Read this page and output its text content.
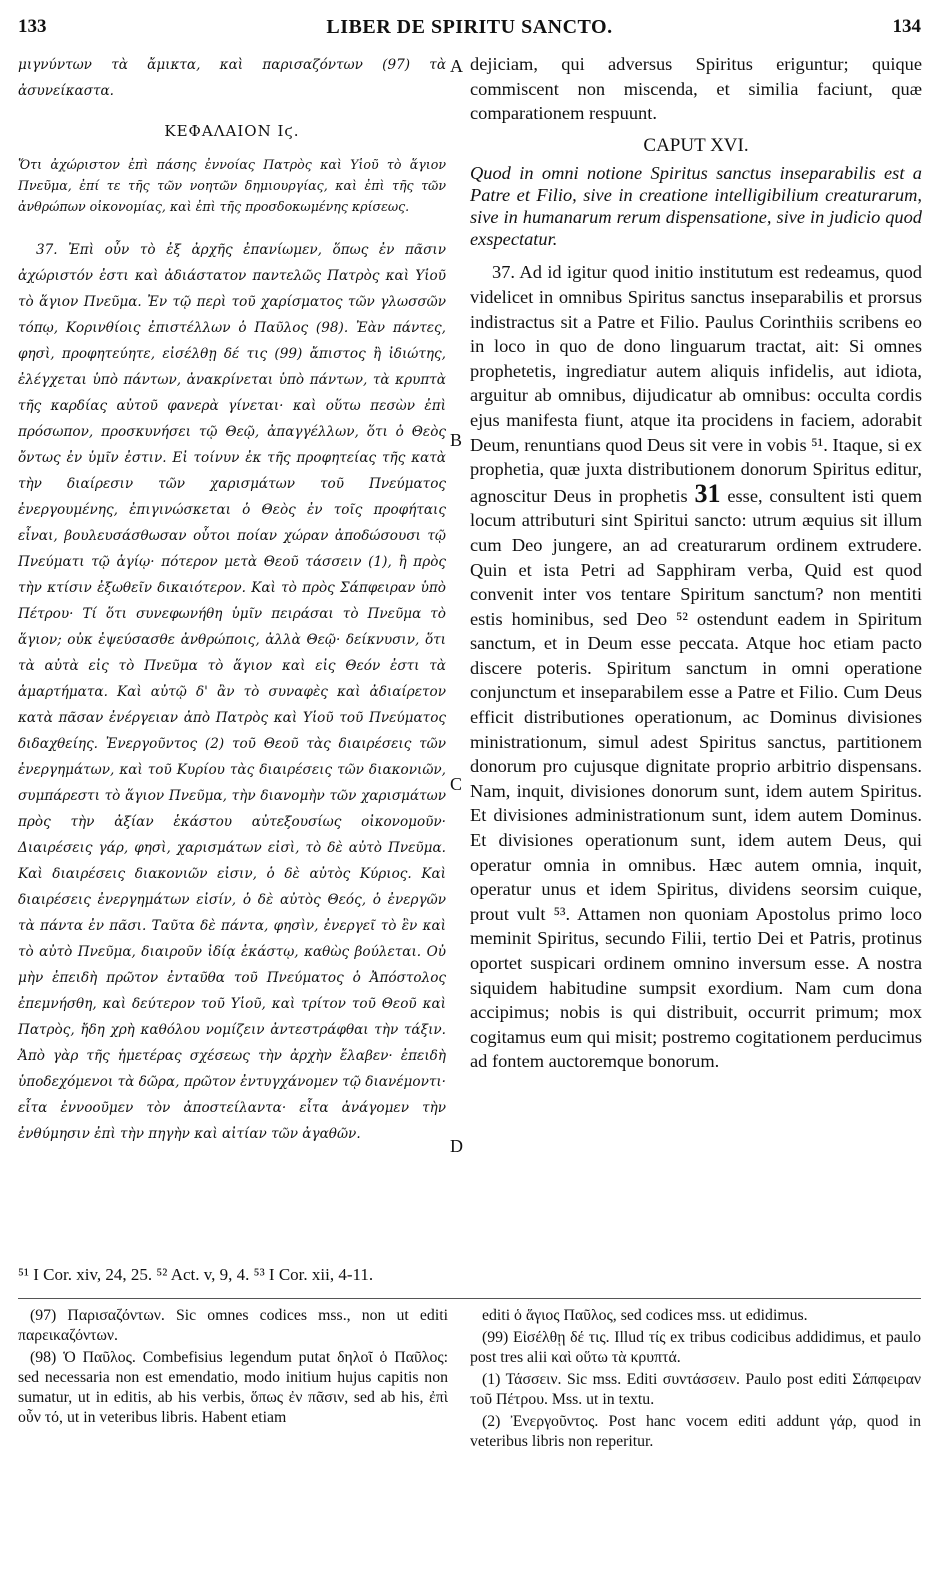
133	LIBER DE SPIRITU SANCTO.	134

μιγνύντων τὰ ἄμικτα, καὶ παρισαζόντων (97) τὰ ἀσυνείκαστα.

ΚΕΦΑΛΑΙΟΝ Ιϛ.

Ὅτι ἀχώριστον ἐπὶ πάσης ἐννοίας Πατρὸς καὶ Υἱοῦ τὸ ἅγιον Πνεῦμα, ἐπί τε τῆς τῶν νοητῶν δημιουργίας, καὶ ἐπὶ τῆς τῶν ἀνθρώπων οἰκονομίας, καὶ ἐπὶ τῆς προσδοκωμένης κρίσεως.

37. Ἐπὶ οὖν τὸ ἐξ ἀρχῆς ἐπανίωμεν, ὅπως ἐν πᾶσιν ἀχώριστόν ἐστι καὶ ἀδιάστατον παντελῶς Πατρὸς καὶ Υἱοῦ τὸ ἅγιον Πνεῦμα. Ἐν τῷ περὶ τοῦ χαρίσματος τῶν γλωσσῶν τόπῳ, Κορινθίοις ἐπιστέλλων ὁ Παῦλος (98). Ἐὰν πάντες, φησὶ, προφητεύητε, εἰσέλθῃ δέ τις (99) ἄπιστος ἢ ἰδιώτης, ἐλέγχεται ὑπὸ πάντων, ἀνακρίνεται ὑπὸ πάντων, τὰ κρυπτὰ τῆς καρδίας αὐτοῦ φανερὰ γίνεται· καὶ οὕτω πεσὼν ἐπὶ πρόσωπον, προσκυνήσει τῷ Θεῷ, ἀπαγγέλλων, ὅτι ὁ Θεὸς ὄντως ἐν ὑμῖν ἐστιν. Εἰ τοίνυν ἐκ τῆς προφητείας τῆς κατὰ τὴν διαίρεσιν τῶν χαρισμάτων τοῦ Πνεύματος ἐνεργουμένης, ἐπιγινώσκεται ὁ Θεὸς ἐν τοῖς προφήταις εἶναι, βουλευσάσθωσαν οὗτοι ποίαν χώραν ἀποδώσουσι τῷ Πνεύματι τῷ ἁγίῳ· πότερον μετὰ Θεοῦ τάσσειν (1), ἢ πρὸς τὴν κτίσιν ἐξωθεῖν δικαιότερον. Καὶ τὸ πρὸς Σάπφειραν ὑπὸ Πέτρου· Τί ὅτι συνεφωνήθη ὑμῖν πειράσαι τὸ Πνεῦμα τὸ ἅγιον; οὐκ ἐψεύσασθε ἀνθρώποις, ἀλλὰ Θεῷ· δείκνυσιν, ὅτι τὰ αὐτὰ εἰς τὸ Πνεῦμα τὸ ἅγιον καὶ εἰς Θεόν ἐστι τὰ ἁμαρτήματα. Καὶ αὐτῷ δ' ἂν τὸ συναφὲς καὶ ἀδιαίρετον κατὰ πᾶσαν ἐνέργειαν ἀπὸ Πατρὸς καὶ Υἱοῦ τοῦ Πνεύματος διδαχθείης. Ἐνεργοῦντος (2) τοῦ Θεοῦ τὰς διαιρέσεις τῶν ἐνεργημάτων, καὶ τοῦ Κυρίου τὰς διαιρέσεις τῶν διακονιῶν, συμπάρεστι τὸ ἅγιον Πνεῦμα, τὴν διανομὴν τῶν χαρισμάτων πρὸς τὴν ἀξίαν ἑκάστου αὐτεξουσίως οἰκονομοῦν· Διαιρέσεις γάρ, φησὶ, χαρισμάτων εἰσὶ, τὸ δὲ αὐτὸ Πνεῦμα. Καὶ διαιρέσεις διακονιῶν εἰσιν, ὁ δὲ αὐτὸς Κύριος. Καὶ διαιρέσεις ἐνεργημάτων εἰσίν, ὁ δὲ αὐτὸς Θεός, ὁ ἐνεργῶν τὰ πάντα ἐν πᾶσι. Ταῦτα δὲ πάντα, φησὶν, ἐνεργεῖ τὸ ἓν καὶ τὸ αὐτὸ Πνεῦμα, διαιροῦν ἰδίᾳ ἑκάστῳ, καθὼς βούλεται. Οὐ μὴν ἐπειδὴ πρῶτον ἐνταῦθα τοῦ Πνεύματος ὁ Ἀπόστολος ἐπεμνήσθη, καὶ δεύτερον τοῦ Υἱοῦ, καὶ τρίτον τοῦ Θεοῦ καὶ Πατρὸς, ἤδη χρὴ καθόλου νομίζειν ἀντεστράφθαι τὴν τάξιν. Ἀπὸ γὰρ τῆς ἡμετέρας σχέσεως τὴν ἀρχὴν ἔλαβεν· ἐπειδὴ ὑποδεχόμενοι τὰ δῶρα, πρῶτον ἐντυγχάνομεν τῷ διανέμοντι· εἶτα ἐννοοῦμεν τὸν ἀποστείλαντα· εἶτα ἀνάγομεν τὴν ἐνθύμησιν ἐπὶ τὴν πηγὴν καὶ αἰτίαν τῶν ἀγαθῶν.

dejiciam, qui adversus Spiritus eriguntur; quique commiscent non miscenda, et similia faciunt, quæ comparationem respuunt.

CAPUT XVI.

Quod in omni notione Spiritus sanctus inseparabilis est a Patre et Filio, sive in creatione intelligibilium creaturarum, sive in humanarum rerum dispensatione, sive in judicio quod exspectatur.

37. Ad id igitur quod initio institutum est redeamus, quod videlicet in omnibus Spiritus sanctus inseparabilis et prorsus indistractus sit a Patre et Filio. Paulus Corinthiis scribens eo in loco in quo de dono linguarum tractat, ait: Si omnes prophetetis, ingrediatur autem aliquis infidelis, aut idiota, arguitur ab omnibus, dijudicatur ab omnibus: occulta cordis ejus manifesta fiunt, atque ita procidens in faciem, adorabit Deum, renuntians quod Deus sit vere in vobis ⁵¹. Itaque, si ex prophetia, quæ juxta distributionem donorum Spiritus editur, agnoscitur Deus in prophetis 31 esse, consultent isti quem locum attributuri sint Spiritui sancto: utrum æquius sit illum cum Deo jungere, an ad creaturarum ordinem extrudere. Quin et ista Petri ad Sapphiram verba, Quid est quod convenit inter vos tentare Spiritum sanctum? non mentiti estis hominibus, sed Deo ⁵² ostendunt eadem in Spiritum sanctum, et in Deum esse peccata. Atque hoc etiam pacto discere poteris. Spiritum sanctum in omni operatione conjunctum et inseparabilem esse a Patre et Filio. Cum Deus efficit distributiones operationum, ac Dominus divisiones ministrationum, simul adest Spiritus sanctus, partitionem donorum pro cujusque dignitate proprio arbitrio dispensans. Nam, inquit, divisiones donorum sunt, idem autem Spiritus. Et divisiones administrationum sunt, idem autem Dominus. Et divisiones operationum sunt, idem autem Deus, qui operatur omnia in omnibus. Hæc autem omnia, inquit, operatur unus et idem Spiritus, dividens seorsim cuique, prout vult ⁵³. Attamen non quoniam Apostolus primo loco meminit Spiritus, secundo Filii, tertio Dei et Patris, protinus oportet suspicari ordinem omnino inversum esse. A nostra siquidem habitudine sumpsit exordium. Nam cum dona accipimus; nobis is qui distribuit, occurrit primum; mox cogitamus eum qui misit; postremo cogitationem perducimus ad fontem auctoremque bonorum.

A
B
C
D
⁵¹ I Cor. xiv, 24, 25. ⁵² Act. v, 9, 4. ⁵³ I Cor. xii, 4-11.

(97) Παρισαζόντων. Sic omnes codices mss., non ut editi παρεικαζόντων.

(98) Ὁ Παῦλος. Combefisius legendum putat δηλοῖ ὁ Παῦλος: sed necessaria non est emendatio, modo initium hujus capitis non sumatur, ut in editis, ab his verbis, ὅπως ἐν πᾶσιν, sed ab his, ἐπὶ οὖν τό, ut in veteribus libris. Habent etiam

editi ὁ ἅγιος Παῦλος, sed codices mss. ut edidimus.

(99) Εἰσέλθῃ δέ τις. Illud τίς ex tribus codicibus addidimus, et paulo post tres alii καὶ οὕτω τὰ κρυπτά.

(1) Τάσσειν. Sic mss. Editi συντάσσειν. Paulo post editi Σάπφειραν τοῦ Πέτρου. Mss. ut in textu.

(2) Ἐνεργοῦντος. Post hanc vocem editi addunt γάρ, quod in veteribus libris non reperitur.
